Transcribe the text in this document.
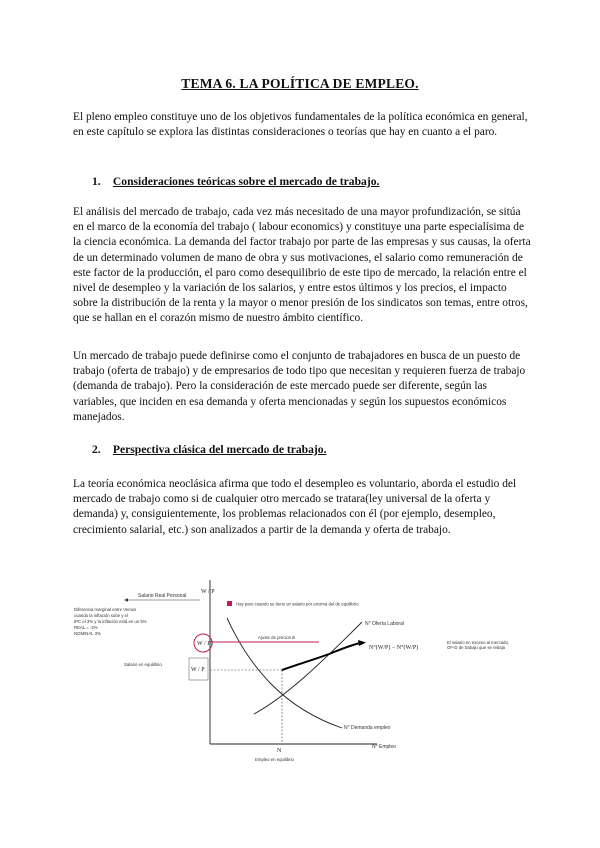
TEMA 6. LA POLÍTICA DE EMPLEO.

El pleno empleo constituye uno de los objetivos fundamentales de la política económica en general, en este capítulo se explora las distintas consideraciones o teorías que hay en cuanto a el paro.

1. Consideraciones teóricas sobre el mercado de trabajo.

El análisis del mercado de trabajo, cada vez más necesitado de una mayor profundización, se sitúa en el marco de la economía del trabajo ( labour economics) y constituye una parte especialísima de la ciencia económica. La demanda del factor trabajo por parte de las empresas y sus causas, la oferta de un determinado volumen de mano de obra y sus motivaciones, el salario como remuneración de este factor de la producción, el paro como desequilibrio de este tipo de mercado, la relación entre el nivel de desempleo y la variación de los salarios, y entre estos últimos y los precios, el impacto sobre la distribución de la renta y la mayor o menor presión de los sindicatos son temas, entre otros, que se hallan en el corazón mismo de nuestro ámbito científico.

Un mercado de trabajo puede definirse como el conjunto de trabajadores en busca de un puesto de trabajo (oferta de trabajo) y de empresarios de todo tipo que necesitan y requieren fuerza de trabajo (demanda de trabajo). Pero la consideración de este mercado puede ser diferente, según las variables, que inciden en esa demanda y oferta mencionadas y según los supuestos económicos manejados.

2. Perspectiva clásica del mercado de trabajo.

La teoría económica neoclásica afirma que todo el desempleo es voluntario, aborda el estudio del mercado de trabajo como si de cualquier otro mercado se tratara(ley universal de la oferta y demanda) y, consiguientemente, los problemas relacionados con él (por ejemplo, desempleo, crecimiento salarial, etc.) son analizados a partir de la demanda y oferta de trabajo.

Salario Real Personal
W / P
Diferencia marginal entre Vemos
cuando la inflación sube y el
IPC el 3% y la inflación está en un 5%
REAL = -2%
NOMINAL 3%
Hay paro cuando se tiene un salario por encima del de equilibrio
N° Oferta Laboral
N° Demanda empleo
Ajuste de precios B
W / P1
Salario en equilibrio
W / P
N
Empleo en equilibrio
N°(W/P) − N°(W/P)
El salario en exceso al mercado,
OF-D de trabajo que se rebaja
N° Empleo
